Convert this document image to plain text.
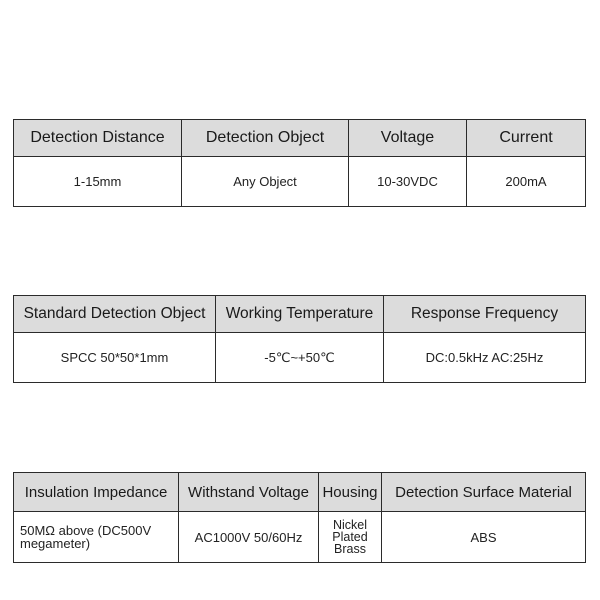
Detection Distance	Detection Object	Voltage	Current
1-15mm	Any Object	10-30VDC	200mA
Standard Detection Object	Working Temperature	Response Frequency
SPCC 50*50*1mm	-5℃~+50℃	DC:0.5kHz AC:25Hz
Insulation Impedance	Withstand Voltage	Housing	Detection Surface Material
50MΩ above (DC500V megameter)	AC1000V 50/60Hz	Nickel Plated Brass	ABS
